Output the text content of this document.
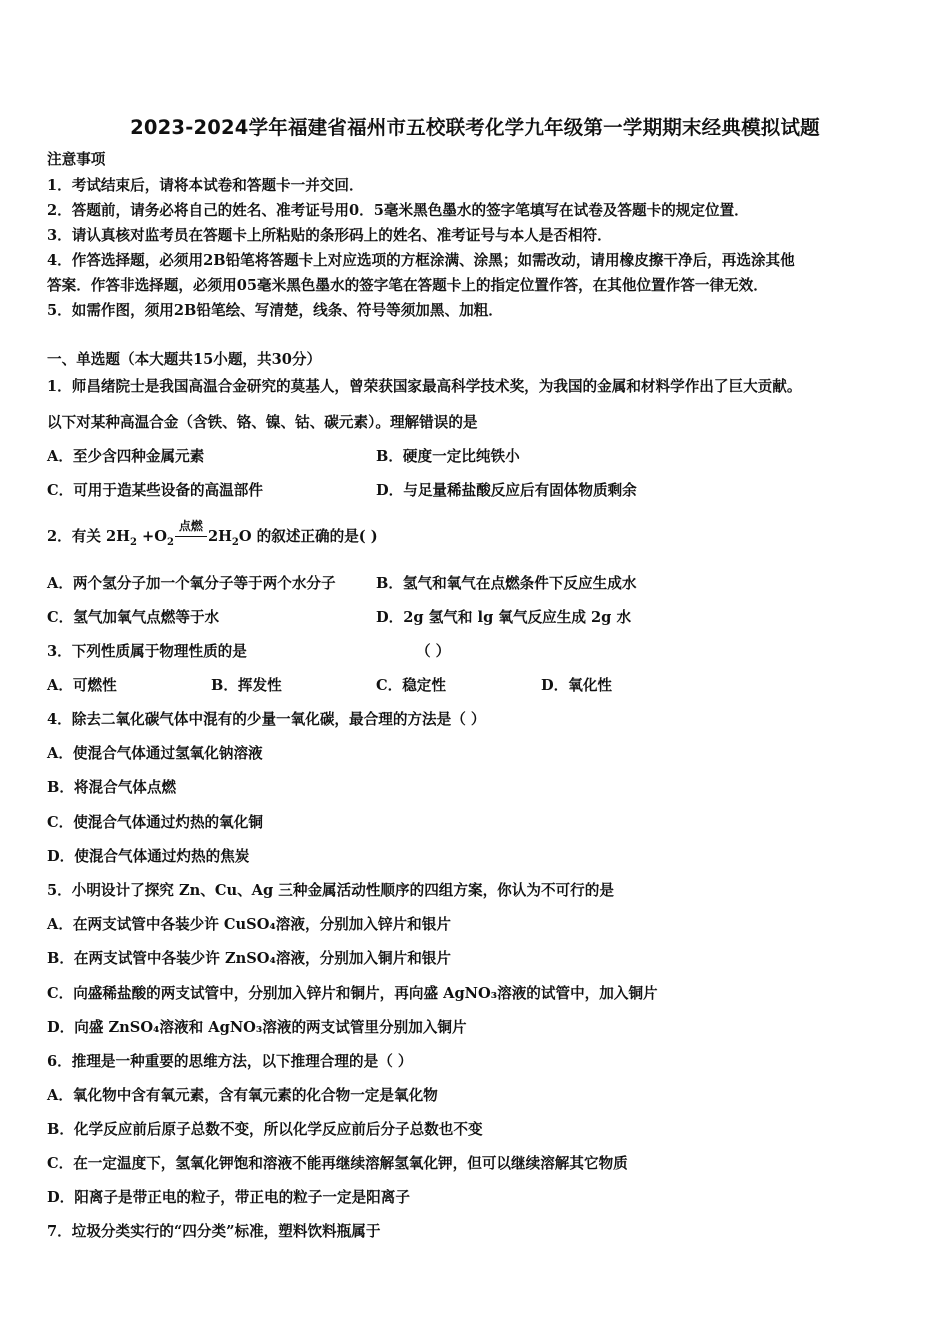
2023-2024学年福建省福州市五校联考化学九年级第一学期期末经典模拟试题
注意事项
1．考试结束后，请将本试卷和答题卡一并交回．
2．答题前，请务必将自己的姓名、准考证号用0．5毫米黑色墨水的签字笔填写在试卷及答题卡的规定位置．
3．请认真核对监考员在答题卡上所粘贴的条形码上的姓名、准考证号与本人是否相符．
4．作答选择题，必须用2B铅笔将答题卡上对应选项的方框涂满、涂黑；如需改动，请用橡皮擦干净后，再选涂其他
答案．作答非选择题，必须用05毫米黑色墨水的签字笔在答题卡上的指定位置作答，在其他位置作答一律无效．
5．如需作图，须用2B铅笔绘、写清楚，线条、符号等须加黑、加粗．
一、单选题（本大题共15小题，共30分）
1．师昌绪院士是我国高温合金研究的莫基人，曾荣获国家最高科学技术奖，为我国的金属和材料学作出了巨大贡献。
以下对某种高温合金（含铁、铬、镍、钴、碳元素）。理解错误的是
A．至少含四种金属元素	B．硬度一定比纯铁小
C．可用于造某些设备的高温部件	D．与足量稀盐酸反应后有固体物质剩余
2．有关 $2H_2 +O_2$
点燃
$2H_2O$ 的叙述正确的是( )
A．两个氢分子加一个氧分子等于两个水分子	B．氢气和氧气在点燃条件下反应生成水
C．氢气加氧气点燃等于水	D．2g 氢气和 lg 氧气反应生成 2g 水
3．下列性质属于物理性质的是	（ ）
A．可燃性	B．挥发性	C．稳定性	D．氧化性
4．除去二氧化碳气体中混有的少量一氧化碳，最合理的方法是（ ）
A．使混合气体通过氢氧化钠溶液
B．将混合气体点燃
C．使混合气体通过灼热的氧化铜
D．使混合气体通过灼热的焦炭
5．小明设计了探究 Zn、Cu、Ag 三种金属活动性顺序的四组方案，你认为不可行的是
A．在两支试管中各装少许 CuSO₄溶液，分别加入锌片和银片
B．在两支试管中各装少许 ZnSO₄溶液，分别加入铜片和银片
C．向盛稀盐酸的两支试管中，分别加入锌片和铜片，再向盛 AgNO₃溶液的试管中，加入铜片
D．向盛 ZnSO₄溶液和 AgNO₃溶液的两支试管里分别加入铜片
6．推理是一种重要的思维方法，以下推理合理的是（ ）
A．氧化物中含有氧元素，含有氧元素的化合物一定是氧化物
B．化学反应前后原子总数不变，所以化学反应前后分子总数也不变
C．在一定温度下，氢氧化钾饱和溶液不能再继续溶解氢氧化钾，但可以继续溶解其它物质
D．阳离子是带正电的粒子，带正电的粒子一定是阳离子
7．垃圾分类实行的“四分类”标准，塑料饮料瓶属于
